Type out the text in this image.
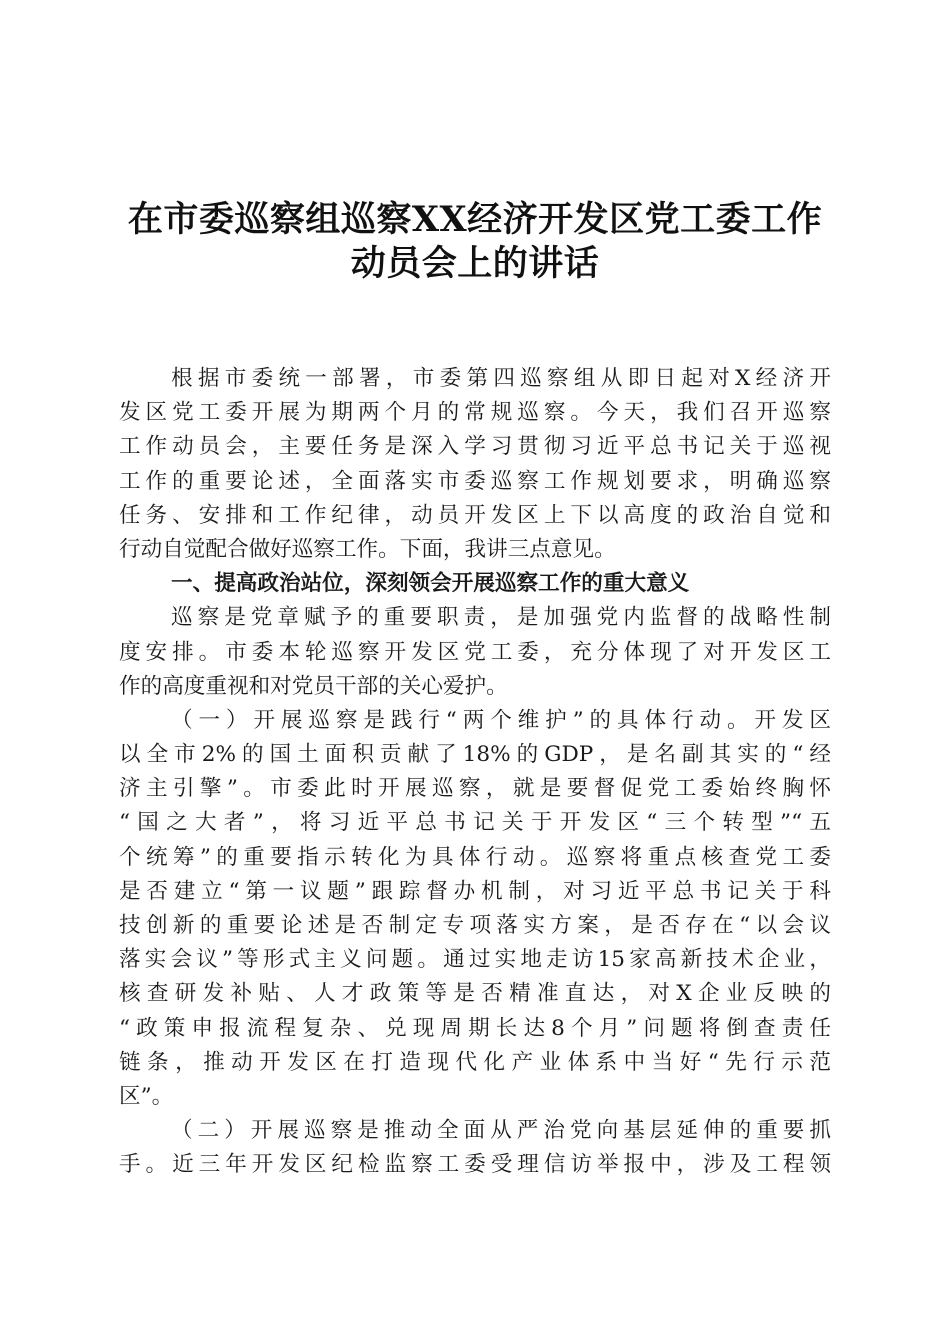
在市委巡察组巡察XX经济开发区党工委工作
动员会上的讲话
根据市委统一部署，市委第四巡察组从即日起对X经济开
发区党工委开展为期两个月的常规巡察。今天，我们召开巡察
工作动员会，主要任务是深入学习贯彻习近平总书记关于巡视
工作的重要论述，全面落实市委巡察工作规划要求，明确巡察
任务、安排和工作纪律，动员开发区上下以高度的政治自觉和
行动自觉配合做好巡察工作。下面，我讲三点意见。
一、提高政治站位，深刻领会开展巡察工作的重大意义
巡察是党章赋予的重要职责，是加强党内监督的战略性制
度安排。市委本轮巡察开发区党工委，充分体现了对开发区工
作的高度重视和对党员干部的关心爱护。
（一）开展巡察是践行“两个维护”的具体行动。开发区
以全市2%的国土面积贡献了18%的GDP，是名副其实的“经
济主引擎”。市委此时开展巡察，就是要督促党工委始终胸怀
“国之大者”，将习近平总书记关于开发区“三个转型”“五
个统筹”的重要指示转化为具体行动。巡察将重点核查党工委
是否建立“第一议题”跟踪督办机制，对习近平总书记关于科
技创新的重要论述是否制定专项落实方案，是否存在“以会议
落实会议”等形式主义问题。通过实地走访15家高新技术企业，
核查研发补贴、人才政策等是否精准直达，对X企业反映的
“政策申报流程复杂、兑现周期长达8个月”问题将倒查责任
链条，推动开发区在打造现代化产业体系中当好“先行示范
区”。
（二）开展巡察是推动全面从严治党向基层延伸的重要抓
手。近三年开发区纪检监察工委受理信访举报中，涉及工程领
